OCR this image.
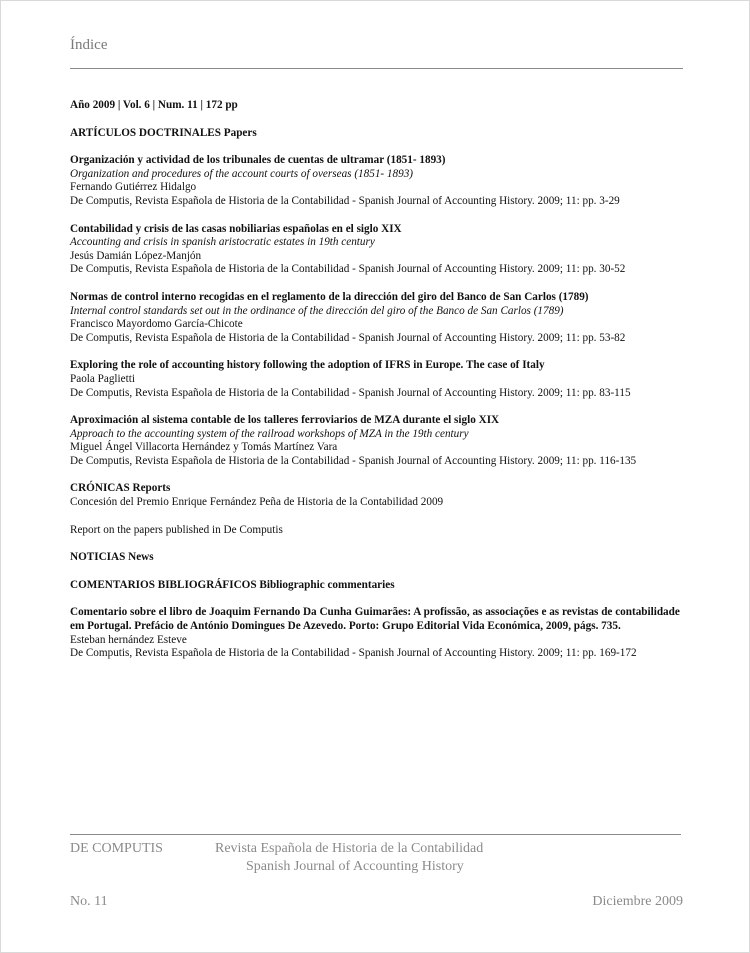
Índice
Año 2009 | Vol. 6 | Num. 11 | 172 pp
ARTÍCULOS DOCTRINALES Papers
Organización y actividad de los tribunales de cuentas de ultramar (1851- 1893)
Organization and procedures of the account courts of overseas (1851- 1893)
Fernando Gutiérrez Hidalgo
De Computis, Revista Española de Historia de la Contabilidad - Spanish Journal of Accounting History. 2009; 11: pp. 3-29
Contabilidad y crisis de las casas nobiliarias españolas en el siglo XIX
Accounting and crisis in spanish aristocratic estates in 19th century
Jesús Damián López-Manjón
De Computis, Revista Española de Historia de la Contabilidad - Spanish Journal of Accounting History. 2009; 11: pp. 30-52
Normas de control interno recogidas en el reglamento de la dirección del giro del Banco de San Carlos (1789)
Internal control standards set out in the ordinance of the dirección del giro of the Banco de San Carlos (1789)
Francisco Mayordomo García-Chicote
De Computis, Revista Española de Historia de la Contabilidad - Spanish Journal of Accounting History. 2009; 11: pp. 53-82
Exploring the role of accounting history following the adoption of IFRS in Europe. The case of Italy
Paola Paglietti
De Computis, Revista Española de Historia de la Contabilidad - Spanish Journal of Accounting History. 2009; 11: pp. 83-115
Aproximación al sistema contable de los talleres ferroviarios de MZA durante el siglo XIX
Approach to the accounting system of the railroad workshops of MZA in the 19th century
Miguel Ángel Villacorta Hernández y Tomás Martínez Vara
De Computis, Revista Española de Historia de la Contabilidad - Spanish Journal of Accounting History. 2009; 11: pp. 116-135
CRÓNICAS Reports
Concesión del Premio Enrique Fernández Peña de Historia de la Contabilidad 2009
Report on the papers published in De Computis
NOTICIAS News
COMENTARIOS BIBLIOGRÁFICOS Bibliographic commentaries
Comentario sobre el libro de Joaquim Fernando Da Cunha Guimarães: A profissão, as associações e as revistas de contabilidade em Portugal. Prefácio de António Domingues De Azevedo. Porto: Grupo Editorial Vida Económica, 2009, págs. 735.
Esteban hernández Esteve
De Computis, Revista Española de Historia de la Contabilidad - Spanish Journal of Accounting History. 2009; 11: pp. 169-172
DE COMPUTIS	Revista Española de Historia de la Contabilidad
Spanish Journal of Accounting History
No. 11	Diciembre 2009
